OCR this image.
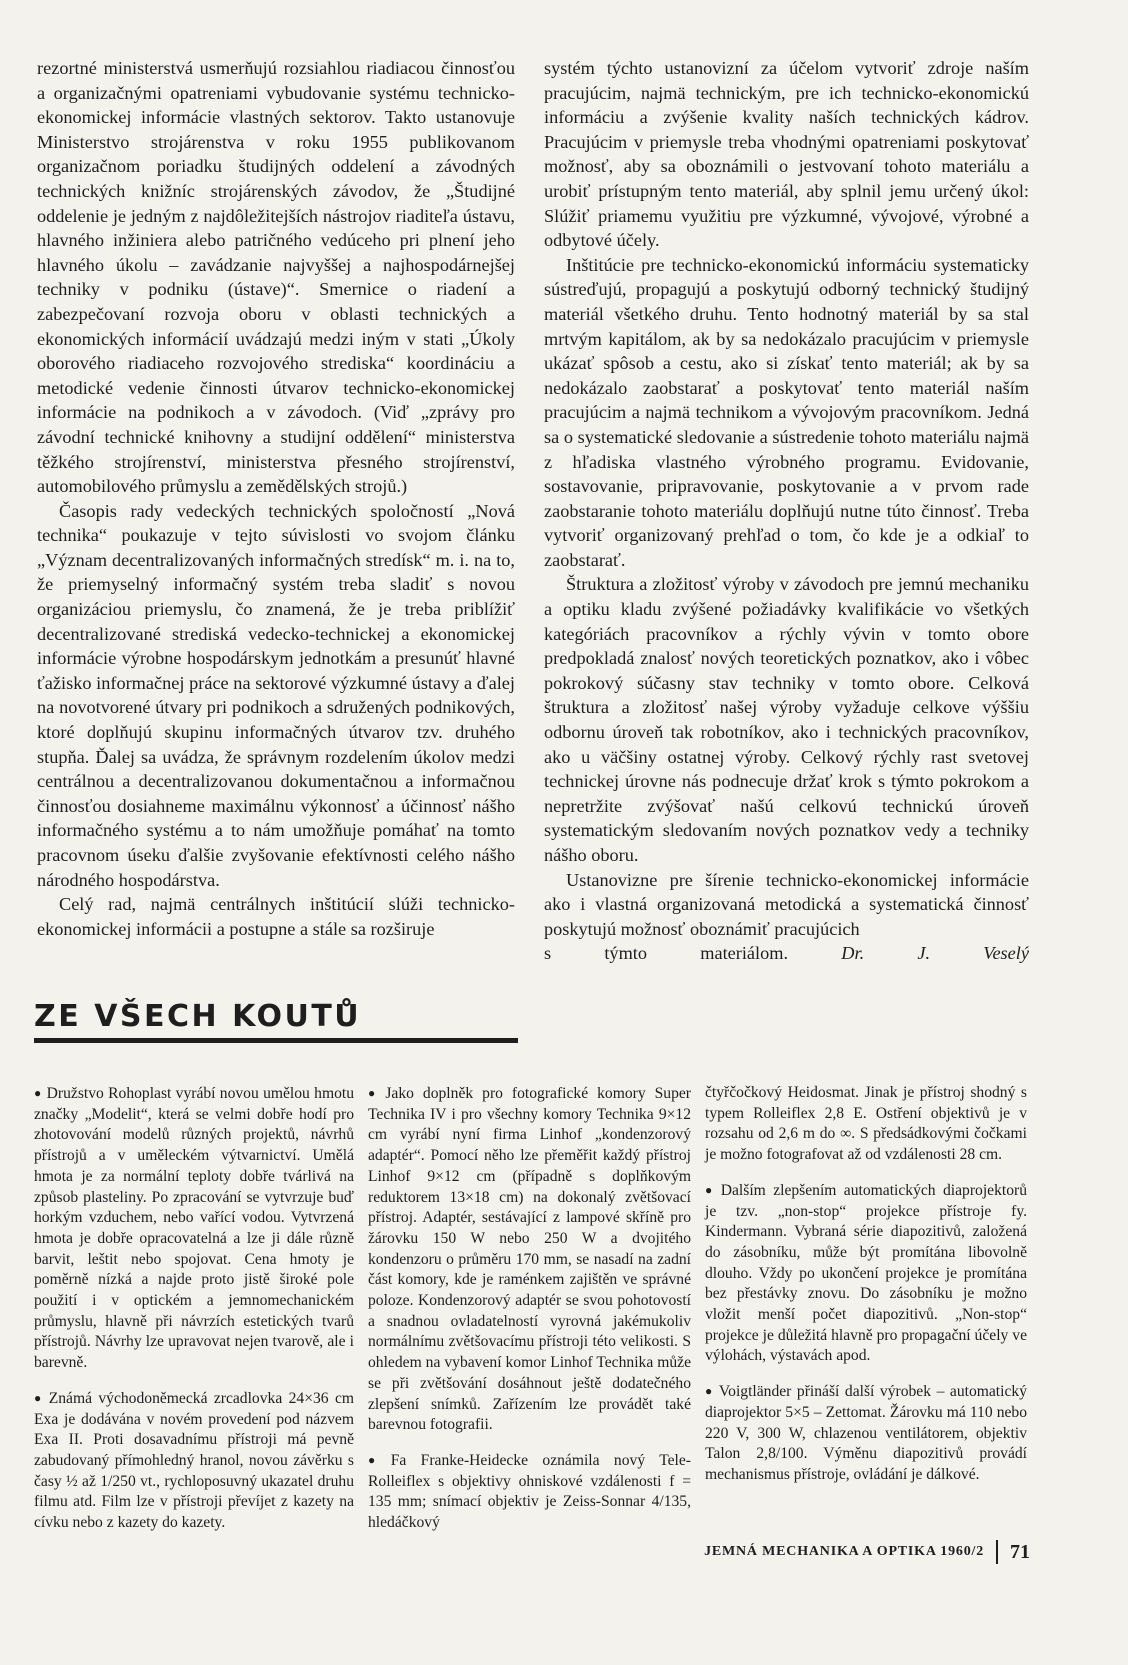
rezortné ministerstvá usmerňujú rozsiahlou riadiacou činnosťou a organizačnými opatreniami vybudovanie systému technicko-ekonomickej informácie vlastných sektorov. Takto ustanovuje Ministerstvo strojárenstva v roku 1955 publikovanom organizačnom poriadku študijných oddelení a závodných technických knižníc strojárenských závodov, že „Študijné oddelenie je jedným z najdôležitejších nástrojov riaditeľa ústavu, hlavného inžiniera alebo patričného vedúceho pri plnení jeho hlavného úkolu – zavádzanie najvyššej a najhospodárnejšej techniky v podniku (ústave)“. Smernice o riadení a zabezpečovaní rozvoja oboru v oblasti technických a ekonomických informácií uvádzajú medzi iným v stati „Úkoly oborového riadiaceho rozvojového strediska“ koordináciu a metodické vedenie činnosti útvarov technicko-ekonomickej informácie na podnikoch a v závodoch. (Viď „zprávy pro závodní technické knihovny a studijní oddělení“ ministerstva těžkého strojírenství, ministerstva přesného strojírenství, automobilového průmyslu a zemědělských strojů.)

Časopis rady vedeckých technických spoločností „Nová technika“ poukazuje v tejto súvislosti vo svojom článku „Význam decentralizovaných informačných stredísk“ m. i. na to, že priemyselný informačný systém treba sladiť s novou organizáciou priemyslu, čo znamená, že je treba priblížiť decentralizované strediská vedecko-technickej a ekonomickej informácie výrobne hospodárskym jednotkám a presunúť hlavné ťažisko informačnej práce na sektorové výzkumné ústavy a ďalej na novotvorené útvary pri podnikoch a sdružených podnikových, ktoré doplňujú skupinu informačných útvarov tzv. druhého stupňa. Ďalej sa uvádza, že správnym rozdelením úkolov medzi centrálnou a decentralizovanou dokumentačnou a informačnou činnosťou dosiahneme maximálnu výkonnosť a účinnosť nášho informačného systému a to nám umožňuje pomáhať na tomto pracovnom úseku ďalšie zvyšovanie efektívnosti celého nášho národného hospodárstva.

Celý rad, najmä centrálnych inštitúcií slúži technicko-ekonomickej informácii a postupne a stále sa rozširuje

systém týchto ustanovizní za účelom vytvoriť zdroje naším pracujúcim, najmä technickým, pre ich technicko-ekonomickú informáciu a zvýšenie kvality naších technických kádrov. Pracujúcim v priemysle treba vhodnými opatreniami poskytovať možnosť, aby sa oboznámili o jestvovaní tohoto materiálu a urobiť prístupným tento materiál, aby splnil jemu určený úkol: Slúžiť priamemu využitiu pre výzkumné, vývojové, výrobné a odbytové účely.

Inštitúcie pre technicko-ekonomickú informáciu systematicky sústreďujú, propagujú a poskytujú odborný technický študijný materiál všetkého druhu. Tento hodnotný materiál by sa stal mrtvým kapitálom, ak by sa nedokázalo pracujúcim v priemysle ukázať spôsob a cestu, ako si získať tento materiál; ak by sa nedokázalo zaobstarať a poskytovať tento materiál naším pracujúcim a najmä technikom a vývojovým pracovníkom. Jedná sa o systematické sledovanie a sústredenie tohoto materiálu najmä z hľadiska vlastného výrobného programu. Evidovanie, sostavovanie, pripravovanie, poskytovanie a v prvom rade zaobstaranie tohoto materiálu doplňujú nutne túto činnosť. Treba vytvoriť organizovaný prehľad o tom, čo kde je a odkiaľ to zaobstarať.

Štruktura a zložitosť výroby v závodoch pre jemnú mechaniku a optiku kladu zvýšené požiadávky kvalifikácie vo všetkých kategóriách pracovníkov a rýchly vývin v tomto obore predpokladá znalosť nových teoretických poznatkov, ako i vôbec pokrokový súčasny stav techniky v tomto obore. Celková štruktura a zložitosť našej výroby vyžaduje celkove výššiu odbornu úroveň tak robotníkov, ako i technických pracovníkov, ako u väčšiny ostatnej výroby. Celkový rýchly rast svetovej technickej úrovne nás podnecuje držať krok s týmto pokrokom a nepretržite zvýšovať našú celkovú technickú úroveň systematickým sledovaním nových poznatkov vedy a techniky nášho oboru.

Ustanovizne pre šírenie technicko-ekonomickej informácie ako i vlastná organizovaná metodická a systematická činnosť poskytujú možnosť oboznámiť pracujúcich

s týmto materiálom.	Dr. J. Veselý

ZE VŠECH KOUTŮ

● Družstvo Rohoplast vyrábí novou umělou hmotu značky „Modelit“, která se velmi dobře hodí pro zhotovování modelů různých projektů, návrhů přístrojů a v uměleckém výtvarnictví. Umělá hmota je za normální teploty dobře tvárlivá na způsob plasteliny. Po zpracování se vytvrzuje buď horkým vzduchem, nebo vařící vodou. Vytvrzená hmota je dobře opracovatelná a lze ji dále různě barvit, leštit nebo spojovat. Cena hmoty je poměrně nízká a najde proto jistě široké pole použití i v optickém a jemnomechanickém průmyslu, hlavně při návrzích estetických tvarů přístrojů. Návrhy lze upravovat nejen tvarově, ale i barevně.

● Známá východoněmecká zrcadlovka 24×36 cm Exa je dodávána v novém provedení pod názvem Exa II. Proti dosavadnímu přístroji má pevně zabudovaný přímohledný hranol, novou závěrku s časy ½ až 1/250 vt., rychloposuvný ukazatel druhu filmu atd. Film lze v přístroji převíjet z kazety na cívku nebo z kazety do kazety.

● Jako doplněk pro fotografické komory Super Technika IV i pro všechny komory Technika 9×12 cm vyrábí nyní firma Linhof „kondenzorový adaptér“. Pomocí něho lze přeměřit každý přístroj Linhof 9×12 cm (případně s doplňkovým reduktorem 13×18 cm) na dokonalý zvětšovací přístroj. Adaptér, sestávající z lampové skříně pro žárovku 150 W nebo 250 W a dvojitého kondenzoru o průměru 170 mm, se nasadí na zadní část komory, kde je raménkem zajištěn ve správné poloze. Kondenzorový adaptér se svou pohotovostí a snadnou ovladatelností vyrovná jakémukoliv normálnímu zvětšovacímu přístroji této velikosti. S ohledem na vybavení komor Linhof Technika může se při zvětšování dosáhnout ještě dodatečného zlepšení snímků. Zařízením lze provádět také barevnou fotografii.

● Fa Franke-Heidecke oznámila nový Tele-Rolleiflex s objektivy ohniskové vzdálenosti f = 135 mm; snímací objektiv je Zeiss-Sonnar 4/135, hledáčkový

čtyřčočkový Heidosmat. Jinak je přístroj shodný s typem Rolleiflex 2,8 E. Ostření objektivů je v rozsahu od 2,6 m do ∞. S předsádkovými čočkami je možno fotografovat až od vzdálenosti 28 cm.

● Dalším zlepšením automatických diaprojektorů je tzv. „non-stop“ projekce přístroje fy. Kindermann. Vybraná série diapozitivů, založená do zásobníku, může být promítána libovolně dlouho. Vždy po ukončení projekce je promítána bez přestávky znovu. Do zásobníku je možno vložit menší počet diapozitivů. „Non-stop“ projekce je důležitá hlavně pro propagační účely ve výlohách, výstavách apod.

● Voigtländer přináší další výrobek – automatický diaprojektor 5×5 – Zettomat. Žárovku má 110 nebo 220 V, 300 W, chlazenou ventilátorem, objektiv Talon 2,8/100. Výměnu diapozitivů provádí mechanismus přístroje, ovládání je dálkové.

JEMNÁ MECHANIKA A OPTIKA 1960/2 71
